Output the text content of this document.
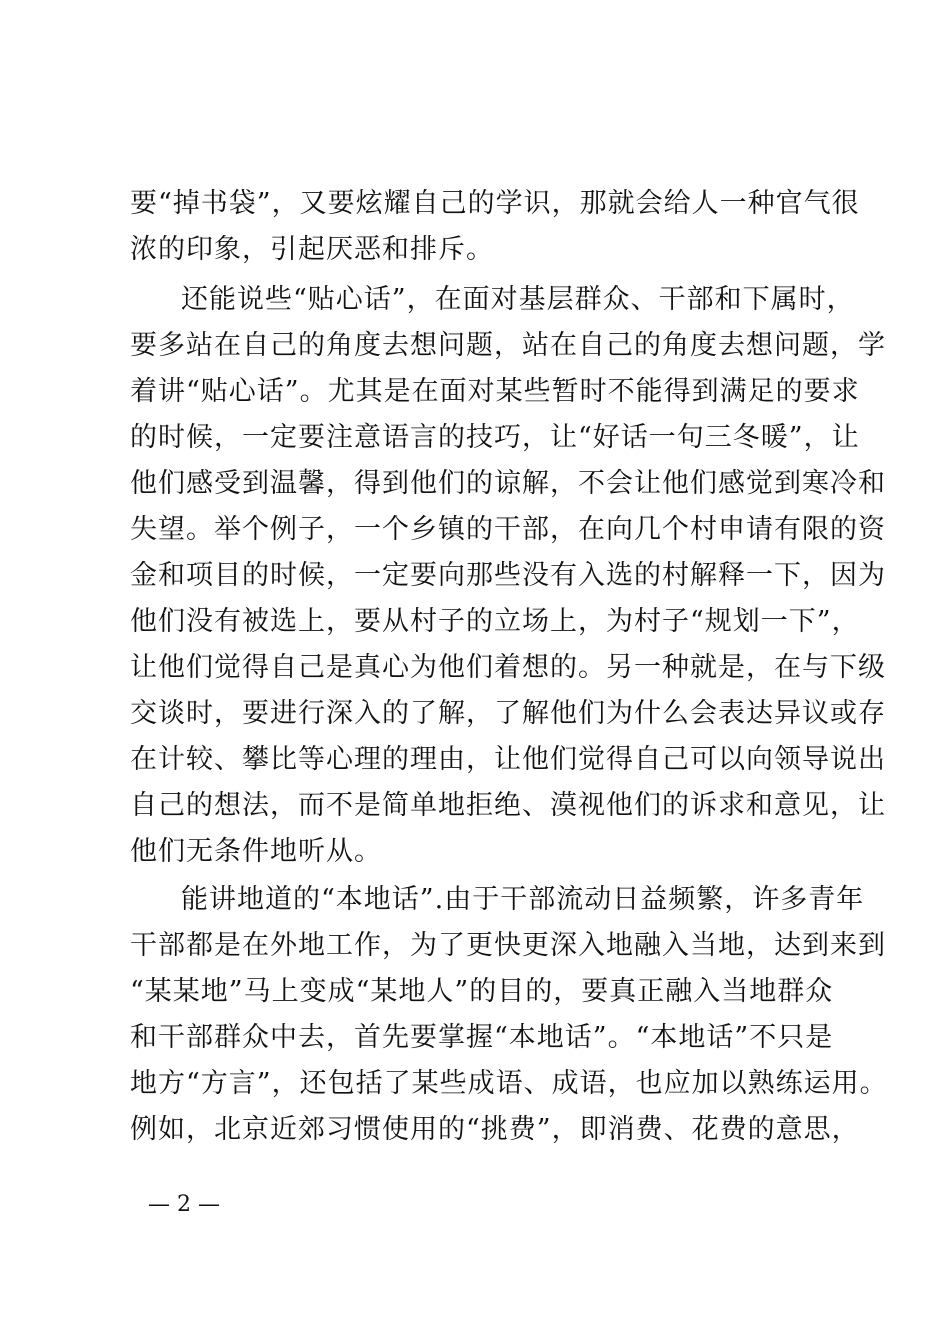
要“掉书袋”，又要炫耀自己的学识，那就会给人一种官气很
浓的印象，引起厌恶和排斥。
还能说些“贴心话”，在面对基层群众、干部和下属时，
要多站在自己的角度去想问题，站在自己的角度去想问题，学
着讲“贴心话”。尤其是在面对某些暂时不能得到满足的要求
的时候，一定要注意语言的技巧，让“好话一句三冬暖”，让
他们感受到温馨，得到他们的谅解，不会让他们感觉到寒冷和
失望。举个例子，一个乡镇的干部，在向几个村申请有限的资
金和项目的时候，一定要向那些没有入选的村解释一下，因为
他们没有被选上，要从村子的立场上，为村子“规划一下”，
让他们觉得自己是真心为他们着想的。另一种就是，在与下级
交谈时，要进行深入的了解，了解他们为什么会表达异议或存
在计较、攀比等心理的理由，让他们觉得自己可以向领导说出
自己的想法，而不是简单地拒绝、漠视他们的诉求和意见，让
他们无条件地听从。
能讲地道的“本地话”.由于干部流动日益频繁，许多青年
干部都是在外地工作，为了更快更深入地融入当地，达到来到
“某某地”马上变成“某地人”的目的，要真正融入当地群众
和干部群众中去，首先要掌握“本地话”。“本地话”不只是
地方“方言”，还包括了某些成语、成语，也应加以熟练运用。
例如，北京近郊习惯使用的“挑费”，即消费、花费的意思，
— 2 —
